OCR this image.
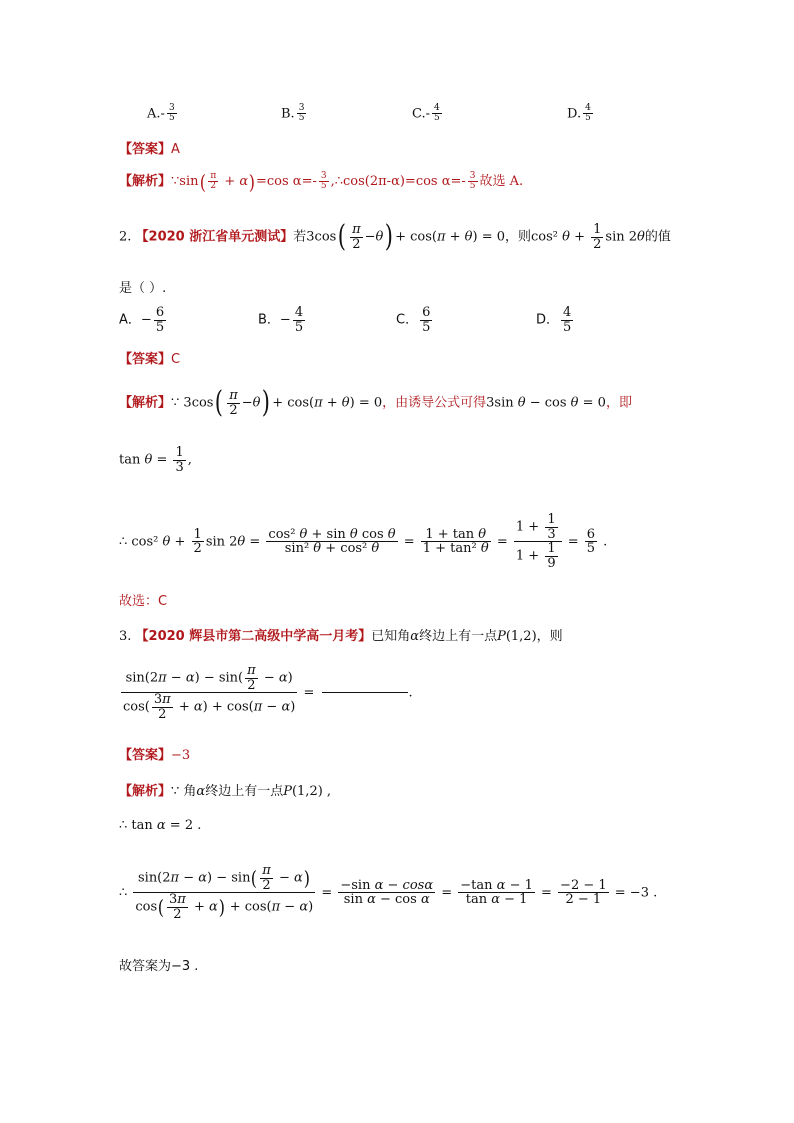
$A.- \frac{3}{5}$	B. $\frac{3}{5}$	$C.- \frac{4}{5}$	D. $\frac{4}{5}$
【答案】A
【解析】∵sin( $\frac{\pi}{2} + \alpha)=\cos$ $\alpha=- \frac{3}{5}$ ,∴cos(2π-α)=cos $\alpha=- \frac{3}{5}$ 故选 A.
2. 【2020 浙江省单元测试】若$3\cos( \frac{\pi}{2} -\theta) + \cos(\pi + \theta) = 0$，则cos² $\theta + \frac{1}{2}$ sin 2θ的值
是（ ）.
A．− $\frac{6}{5}$	B．− $\frac{4}{5}$	C． $\frac{6}{5}$	D． $\frac{4}{5}$
【答案】C
【解析】∵ $3\cos( \frac{\pi}{2} -\theta) + \cos(\pi + \theta) = 0$，由诱导公式可得3sin θ − cos θ = 0，即
$\tan \theta = \frac{1}{3}$ ,
∴ cos² $\theta + \frac{1}{2}$ $\sin 2\theta = \frac{\text{cos² θ + sin θ cos θ}}{\text{sin² θ + cos² θ}} = \frac{\text{1 + tan θ}}{\text{1 + tan² θ}} = \frac{1 + \frac{1}{3}}{1 + \frac{1}{9}} = \frac{6}{5}$ .
故选：C
3. 【2020 辉县市第二高级中学高一月考】已知角α终边上有一点P(1,2)，则
$\frac{\sin(2\pi - \alpha) - \sin( \frac{\pi}{2} - \alpha)}{\cos( \frac{3\pi}{2} + \alpha) + \cos(\pi - \alpha)}$ =	.
【答案】−3
【解析】∵ 角α终边上有一点P(1,2) ,
∴ tan α = 2 .
∴ $\frac{\sin(2\pi - \alpha) - \sin( \frac{\pi}{2} - \alpha)}{\cos( \frac{3\pi}{2} + \alpha) + \cos(\pi - \alpha)} = \frac{\text{−sin α − cosα}}{\text{sin α − cos α}} = \frac{\text{−tan α − 1}}{\text{tan α − 1}} = \frac{-2 - 1}{2 - 1} = -3$ .
故答案为−3 .
